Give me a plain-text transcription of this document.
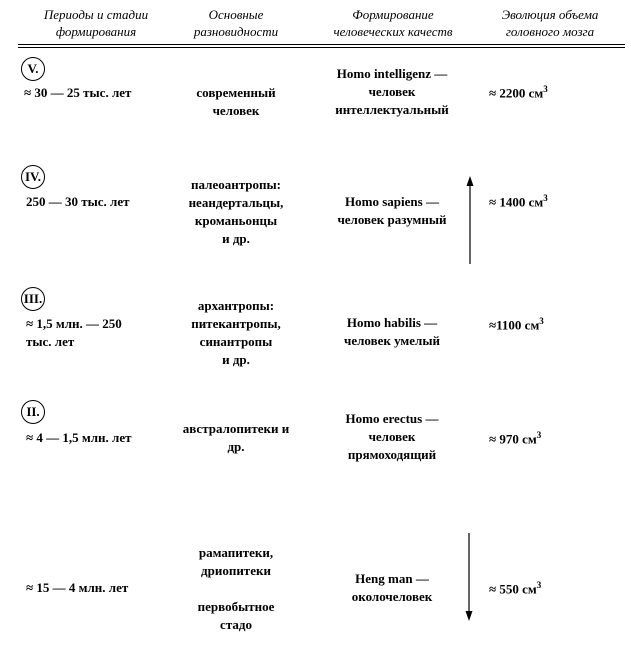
Периоды и стадии
формирования
Основные
разновидности
Формирование
человеческих качеств
Эволюция объема
головного мозга
V.
≈ 30 — 25 тыс. лет	современный
человек
Homo intelligenz —
человек
интеллектуальный
≈ 2200 $см^3$
IV.
250 — 30 тыс. лет
палеоантропы:
неандертальцы,
кроманьонцы
и др.
Homo sapiens —
человек разумный
≈ 1400 $см^3$
III.
≈ 1,5 млн. — 250
тыс. лет
архантропы:
питекантропы,
синантропы
и др.
Homo habilis —
человек умелый
≈1100 $см^3$
II.
≈ 4 — 1,5 млн. лет
австралопитеки и
др.
Homo erectus —
человек
прямоходящий
≈ 970 $см^3$
≈ 15 — 4 млн. лет
рамапитеки,
дриопитеки
первобытное
стадо
Heng man —
околочеловек
≈ 550 $см^3$
